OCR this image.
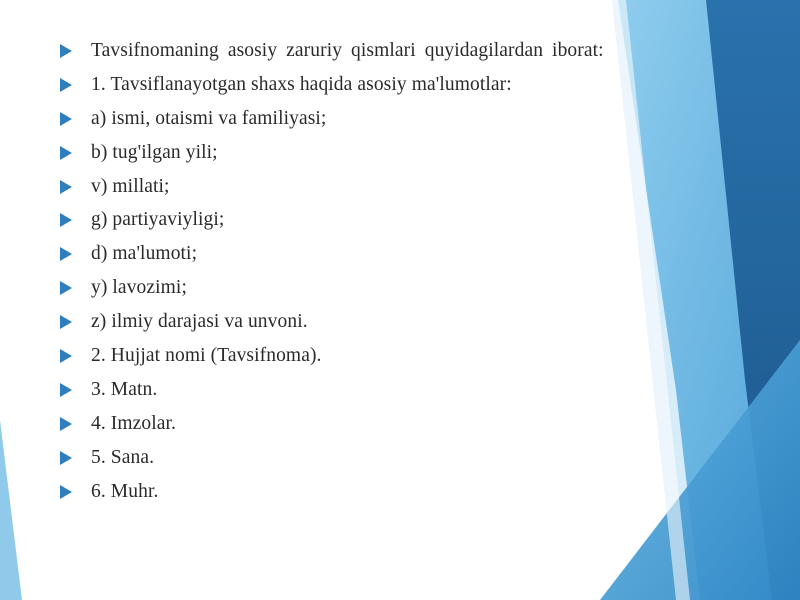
Tavsifnomaning asosiy zaruriy qismlari quyidagilardan iborat:
1. Tavsiflanayotgan shaxs haqida asosiy ma'lumotlar:
a) ismi, otaismi va familiyasi;
b) tug'ilgan yili;
v) millati;
g) partiyaviyligi;
d) ma'lumoti;
y) lavozimi;
z) ilmiy darajasi va unvoni.
2. Hujjat nomi (Tavsifnoma).
3. Matn.
4. Imzolar.
5. Sana.
6. Muhr.
